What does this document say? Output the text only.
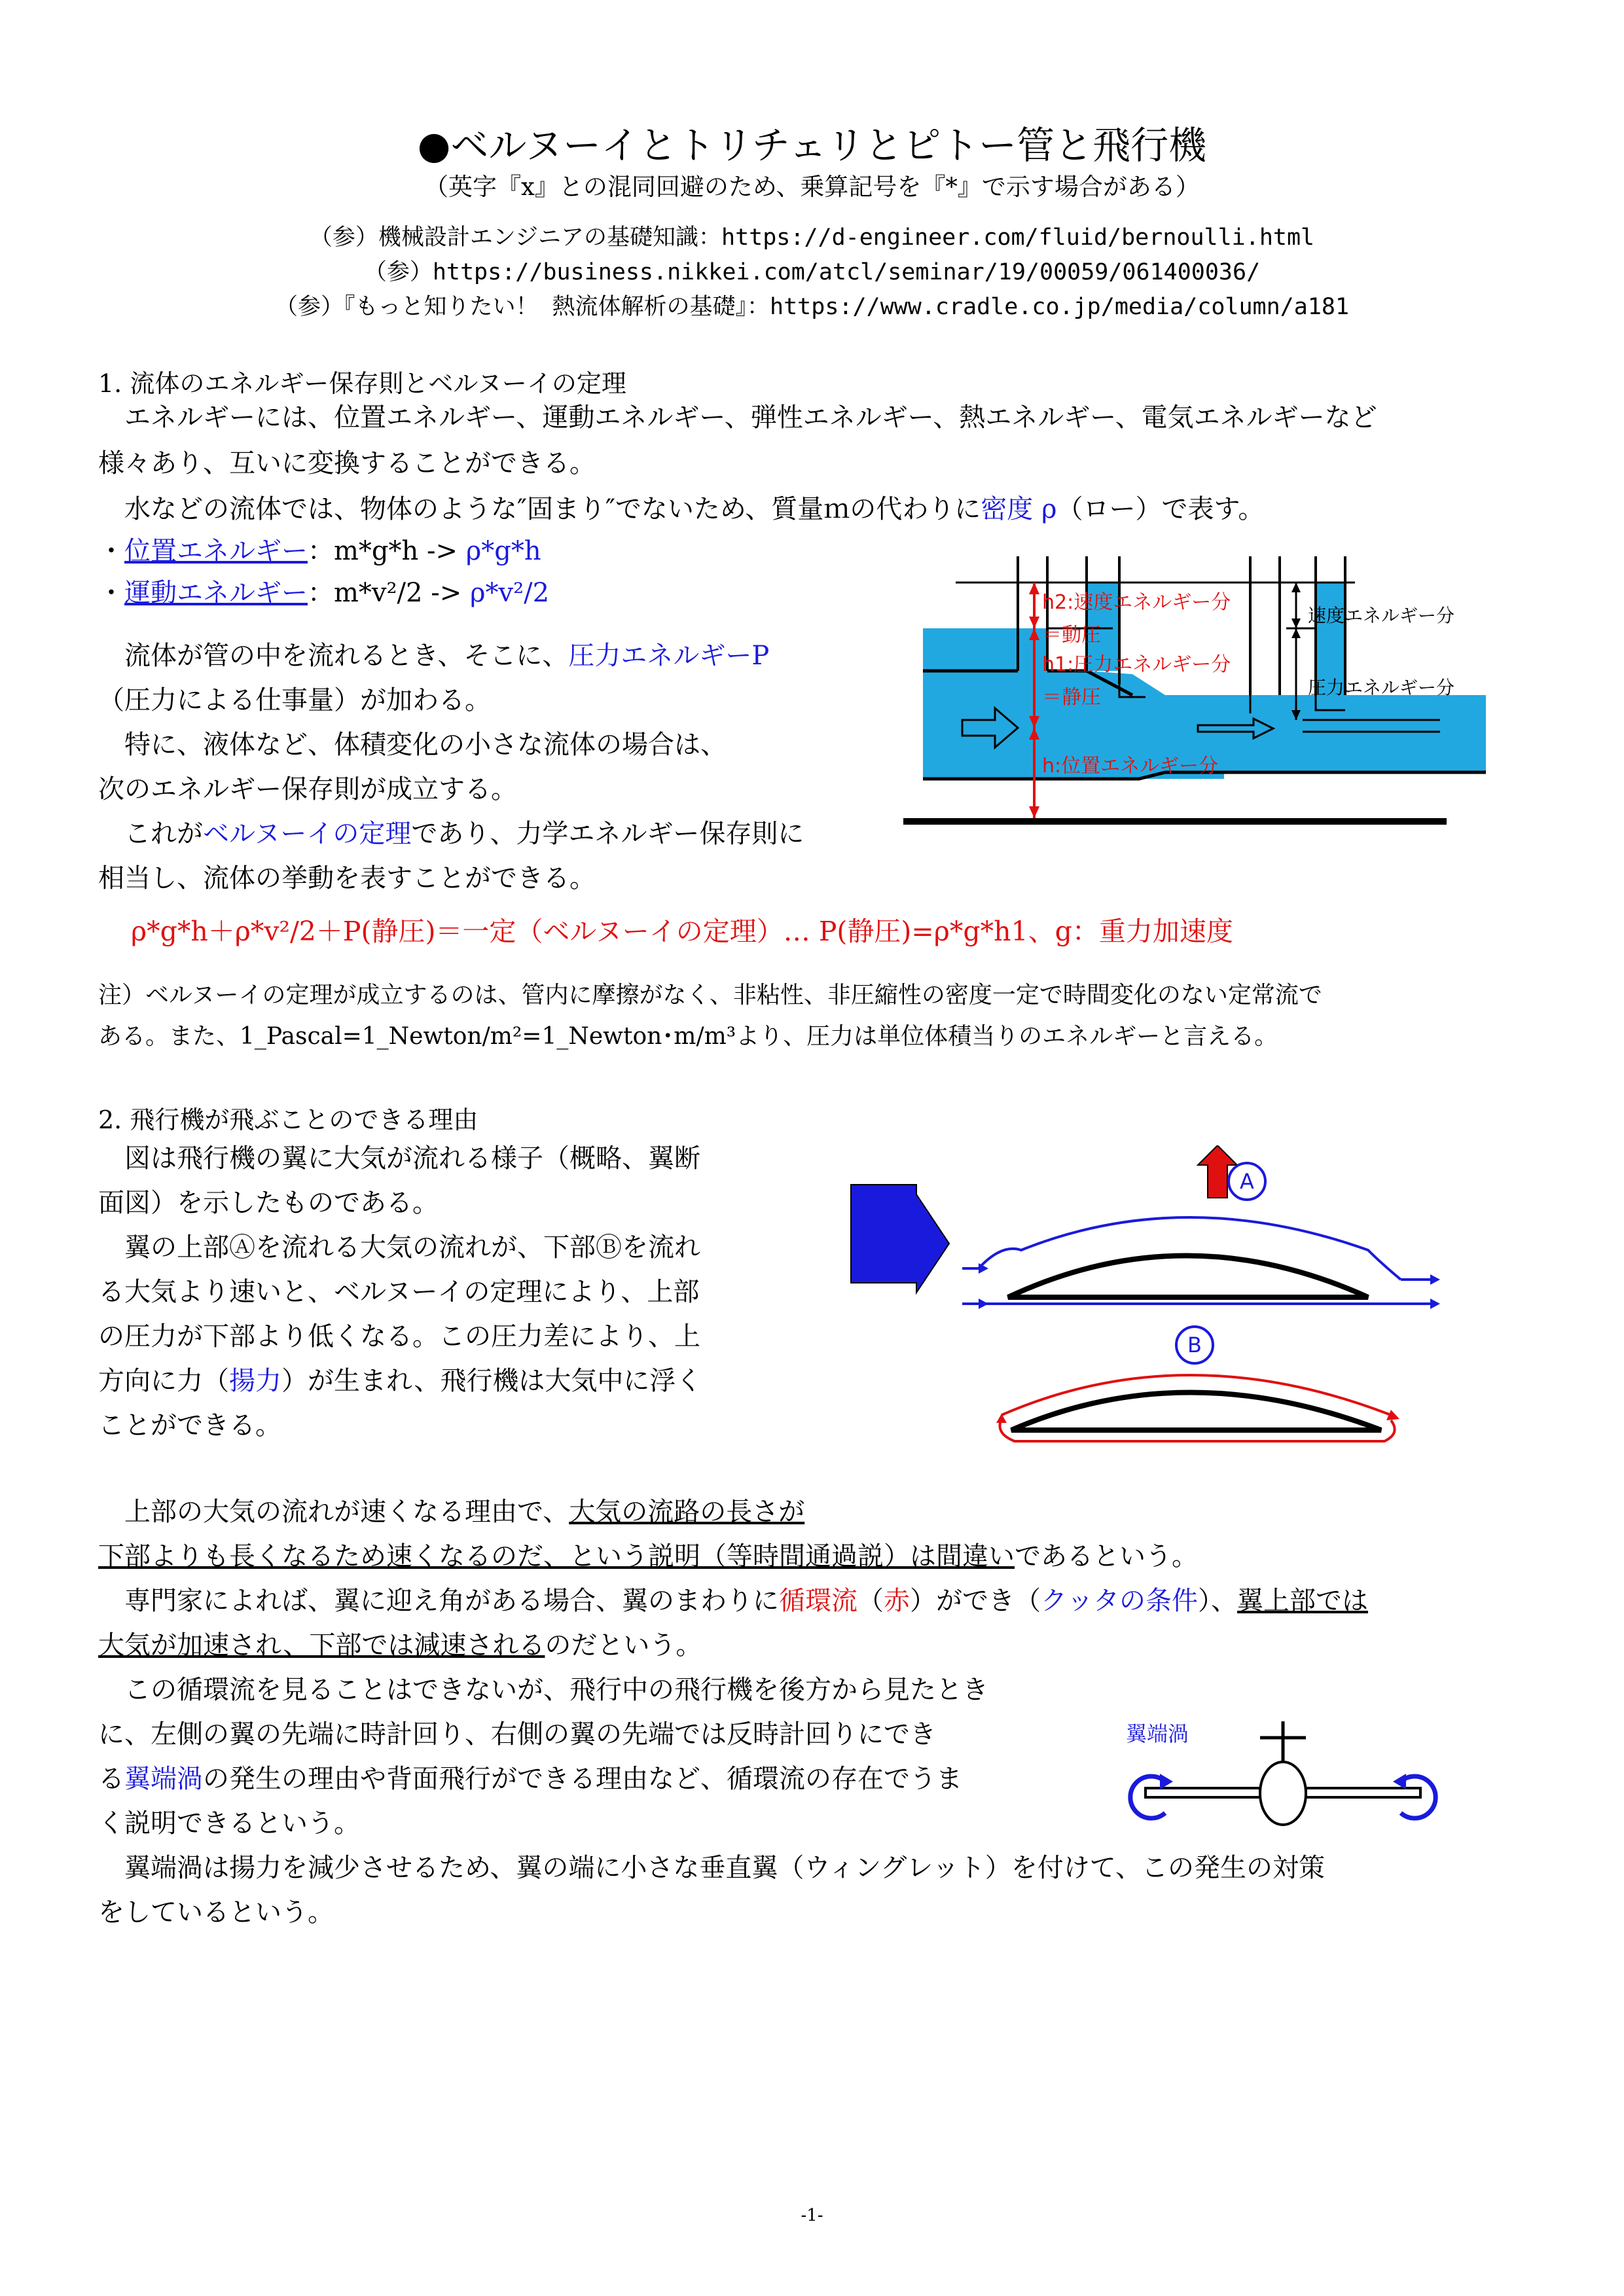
●ベルヌーイとトリチェリとピトー管と飛行機
（英字『x』との混同回避のため、乗算記号を『*』で示す場合がある）
（参）機械設計エンジニアの基礎知識：https://d-engineer.com/fluid/bernoulli.html
（参）https://business.nikkei.com/atcl/seminar/19/00059/061400036/
（参）『もっと知りたい！ 熱流体解析の基礎』：https://www.cradle.co.jp/media/column/a181
1. 流体のエネルギー保存則とベルヌーイの定理
　エネルギーには、位置エネルギー、運動エネルギー、弾性エネルギー、熱エネルギー、電気エネルギーなど
様々あり、互いに変換することができる。
　水などの流体では、物体のような″固まり″でないため、質量ｍの代わりに密度 ρ（ロー）で表す。
・位置エネルギー：m*g*h -> ρ*g*h
・運動エネルギー：m*v²/2 -> ρ*v²/2
　流体が管の中を流れるとき、そこに、圧力エネルギーP
（圧力による仕事量）が加わる。
　特に、液体など、体積変化の小さな流体の場合は、
次のエネルギー保存則が成立する。
　これがベルヌーイの定理であり、力学エネルギー保存則に
相当し、流体の挙動を表すことができる。
ρ*g*h＋ρ*v²/2＋P(静圧)＝一定（ベルヌーイの定理）… P(静圧)=ρ*g*h1、g：重力加速度
注）ベルヌーイの定理が成立するのは、管内に摩擦がなく、非粘性、非圧縮性の密度一定で時間変化のない定常流で
ある。また、1_Pascal=1_Newton/m²=1_Newton･m/m³より、圧力は単位体積当りのエネルギーと言える。
h2:速度エネルギー分
＝動圧
h1:圧力エネルギー分
＝静圧
h:位置エネルギー分
速度エネルギー分
圧力エネルギー分
2. 飛行機が飛ぶことのできる理由
　図は飛行機の翼に大気が流れる様子（概略、翼断
面図）を示したものである。
　翼の上部Ⓐを流れる大気の流れが、下部Ⓑを流れ
る大気より速いと、ベルヌーイの定理により、上部
の圧力が下部より低くなる。この圧力差により、上
方向に力（揚力）が生まれ、飛行機は大気中に浮く
ことができる。
A
B
　上部の大気の流れが速くなる理由で、大気の流路の長さが
下部よりも長くなるため速くなるのだ、という説明（等時間通過説）は間違いであるという。
　専門家によれば、翼に迎え角がある場合、翼のまわりに循環流（赤）ができ（クッタの条件）、翼上部では
大気が加速され、下部では減速されるのだという。
　この循環流を見ることはできないが、飛行中の飛行機を後方から見たとき
に、左側の翼の先端に時計回り、右側の翼の先端では反時計回りにでき
る翼端渦の発生の理由や背面飛行ができる理由など、循環流の存在でうま
く説明できるという。
　翼端渦は揚力を減少させるため、翼の端に小さな垂直翼（ウィングレット）を付けて、この発生の対策
をしているという。
翼端渦
-1-
